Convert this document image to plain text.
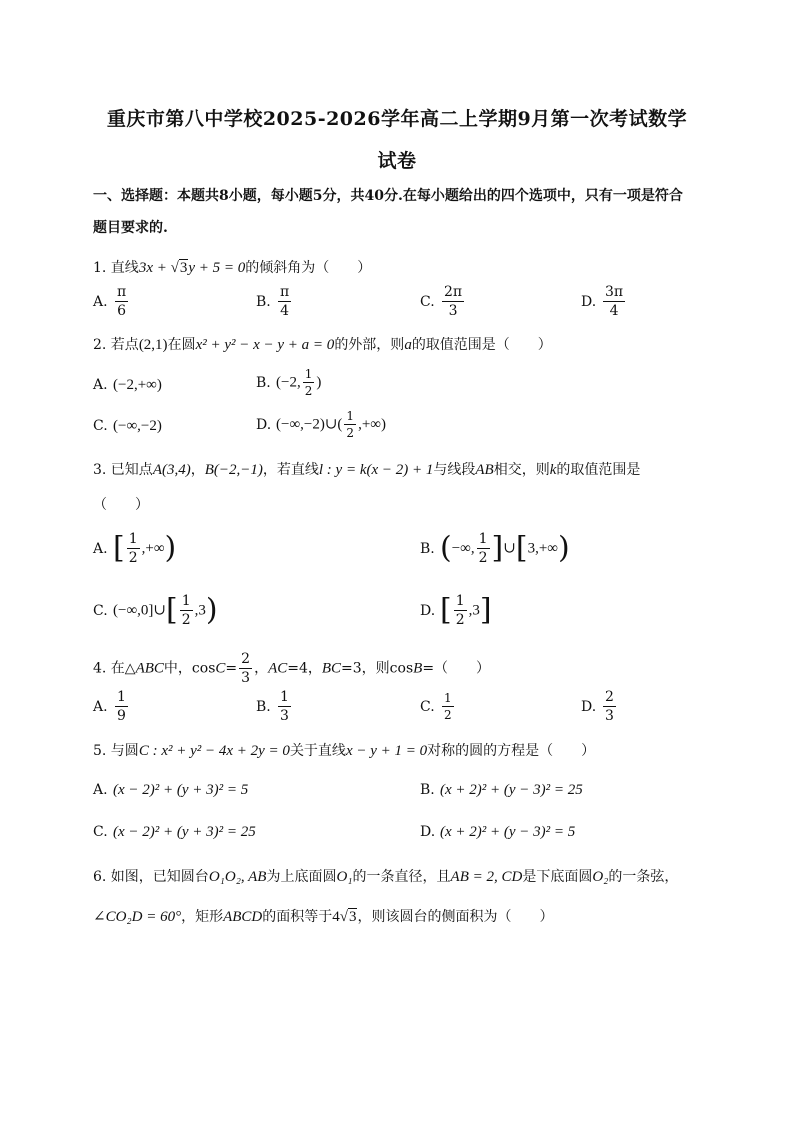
重庆市第八中学校2025-2026学年高二上学期9月第一次考试数学
试卷
一、选择题：本题共8小题，每小题5分，共40分.在每小题给出的四个选项中，只有一项是符合
题目要求的.
1. 直线3x + √3y + 5 = 0的倾斜角为（　　）
A. $\frac{\pi}{6}$	B. $\frac{\pi}{4}$	C. $\frac{2\pi}{3}$	D. $\frac{3\pi}{4}$
2. 若点(2,1)在圆x² + y² − x − y + a = 0的外部，则a的取值范围是（　　）
A. (−2,+∞)	B. (−2, $\frac{1}{2}$ )
C. (−∞,−2)	D. (−∞,−2)∪( $\frac{1}{2}$ ,+∞)
3. 已知点A(3,4)，B(−2,−1)，若直线l : y = k(x − 2) + 1与线段AB相交，则k的取值范围是
（　　）
A. [ $\frac{1}{2}$ ,+∞)	B. (−∞, $\frac{1}{2}$ ]∪[3,+∞)
C. (−∞,0]∪[ $\frac{1}{2} ,3$)	D. [ $\frac{1}{2} ,3$]
4. 在△ABC中，$\cos C= \frac{2}{3}$ ，AC=4，BC=3，则cosB=（　　）
A. $\frac{1}{9}$	B. $\frac{1}{3}$	C. $\frac{1}{2}$	D. $\frac{2}{3}$
5. 与圆C : x² + y² − 4x + 2y = 0关于直线x − y + 1 = 0对称的圆的方程是（　　）
A. (x − 2)² + (y + 3)² = 5	B. (x + 2)² + (y − 3)² = 25
C. (x − 2)² + (y + 3)² = 25	D. (x + 2)² + (y − 3)² = 5
6. 如图，已知圆台O₁O₂, AB为上底面圆O₁的一条直径，且AB = 2, CD是下底面圆O₂的一条弦，
∠CO₂D = 60°，矩形ABCD的面积等于4√3，则该圆台的侧面积为（　　）
